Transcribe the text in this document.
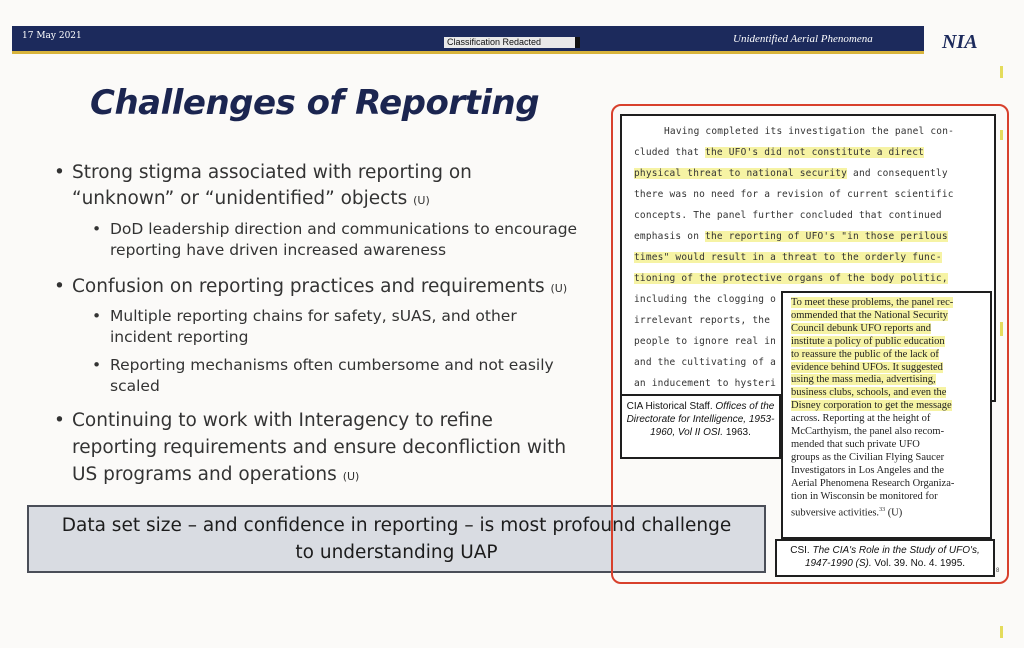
17 May 2021
Classification Redacted	Unidentified Aerial Phenomena	NIA
Challenges of Reporting
• Strong stigma associated with reporting on
“unknown” or “unidentified” objects (U)
• DoD leadership direction and communications to encourage
reporting have driven increased awareness
• Confusion on reporting practices and requirements (U)
• Multiple reporting chains for safety, sUAS, and other
incident reporting
• Reporting mechanisms often cumbersome and not easily
scaled
• Continuing to work with Interagency to refine
reporting requirements and ensure deconfliction with
US programs and operations (U)
Data set size – and confidence in reporting – is most profound challenge
to understanding UAP
Having completed its investigation the panel con-
cluded that the UFO's did not constitute a direct
physical threat to national security and consequently
there was no need for a revision of current scientific
concepts. The panel further concluded that continued
emphasis on the reporting of UFO's "in those perilous
times" would result in a threat to the orderly func-
tioning of the protective organs of the body politic,
including the clogging o
irrelevant reports, the
people to ignore real in
and the cultivating of a
an inducement to hysteri
CIA Historical Staff. Offices of the Directorate for Intelligence, 1953-1960, Vol II OSI. 1963.
To meet these problems, the panel rec-
ommended that the National Security
Council debunk UFO reports and
institute a policy of public education
to reassure the public of the lack of
evidence behind UFOs. It suggested
using the mass media, advertising,
business clubs, schools, and even the
Disney corporation to get the message
across. Reporting at the height of
McCarthyism, the panel also recom-
mended that such private UFO
groups as the Civilian Flying Saucer
Investigators in Los Angeles and the
Aerial Phenomena Research Organiza-
tion in Wisconsin be monitored for
subversive activities.$^{33}$ (U)
CSI. The CIA's Role in the Study of UFO's, 1947-1990 (S). Vol. 39. No. 4. 1995.
8
